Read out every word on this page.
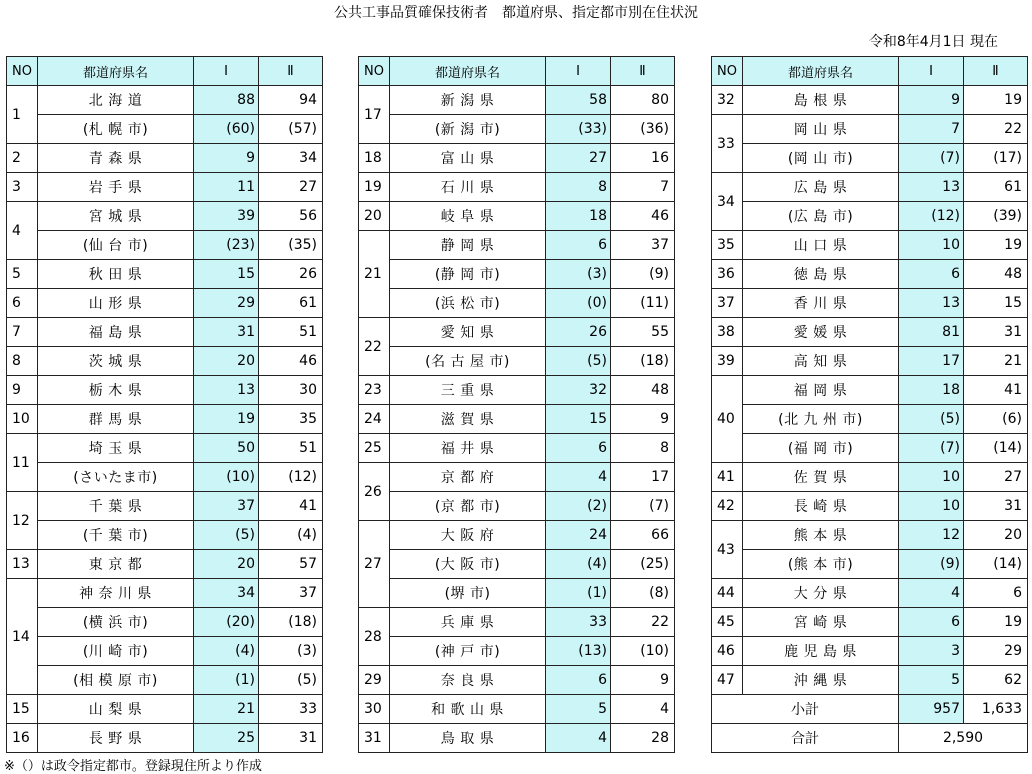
公共工事品質確保技術者　都道府県、指定都市別在住状況
令和8年4月1日 現在
NO	都道府県名	Ⅰ	Ⅱ
1	北 海 道	88	94
	(札 幌 市)	(60)	(57)
2	青 森 県	9	34
3	岩 手 県	11	27
4	宮 城 県	39	56
	(仙 台 市)	(23)	(35)
5	秋 田 県	15	26
6	山 形 県	29	61
7	福 島 県	31	51
8	茨 城 県	20	46
9	栃 木 県	13	30
10	群 馬 県	19	35
11	埼 玉 県	50	51
	(さいたま市)	(10)	(12)
12	千 葉 県	37	41
	(千 葉 市)	(5)	(4)
13	東 京 都	20	57
14	神 奈 川 県	34	37
	(横 浜 市)	(20)	(18)
	(川 崎 市)	(4)	(3)
	(相 模 原 市)	(1)	(5)
15	山 梨 県	21	33
16	長 野 県	25	31
NO	都道府県名	Ⅰ	Ⅱ
17	新 潟 県	58	80
	(新 潟 市)	(33)	(36)
18	富 山 県	27	16
19	石 川 県	8	7
20	岐 阜 県	18	46
21	静 岡 県	6	37
	(静 岡 市)	(3)	(9)
	(浜 松 市)	(0)	(11)
22	愛 知 県	26	55
	(名 古 屋 市)	(5)	(18)
23	三 重 県	32	48
24	滋 賀 県	15	9
25	福 井 県	6	8
26	京 都 府	4	17
	(京 都 市)	(2)	(7)
27	大 阪 府	24	66
	(大 阪 市)	(4)	(25)
	(堺 市)	(1)	(8)
28	兵 庫 県	33	22
	(神 戸 市)	(13)	(10)
29	奈 良 県	6	9
30	和 歌 山 県	5	4
31	鳥 取 県	4	28
NO	都道府県名	Ⅰ	Ⅱ
32	島 根 県	9	19
33	岡 山 県	7	22
	(岡 山 市)	(7)	(17)
34	広 島 県	13	61
	(広 島 市)	(12)	(39)
35	山 口 県	10	19
36	徳 島 県	6	48
37	香 川 県	13	15
38	愛 媛 県	81	31
39	高 知 県	17	21
40	福 岡 県	18	41
	(北 九 州 市)	(5)	(6)
	(福 岡 市)	(7)	(14)
41	佐 賀 県	10	27
42	長 崎 県	10	31
43	熊 本 県	12	20
	(熊 本 市)	(9)	(14)
44	大 分 県	4	6
45	宮 崎 県	6	19
46	鹿 児 島 県	3	29
47	沖 縄 県	5	62
小計		957	1,633
合計		2,590	
※（）は政令指定都市。登録現住所より作成
